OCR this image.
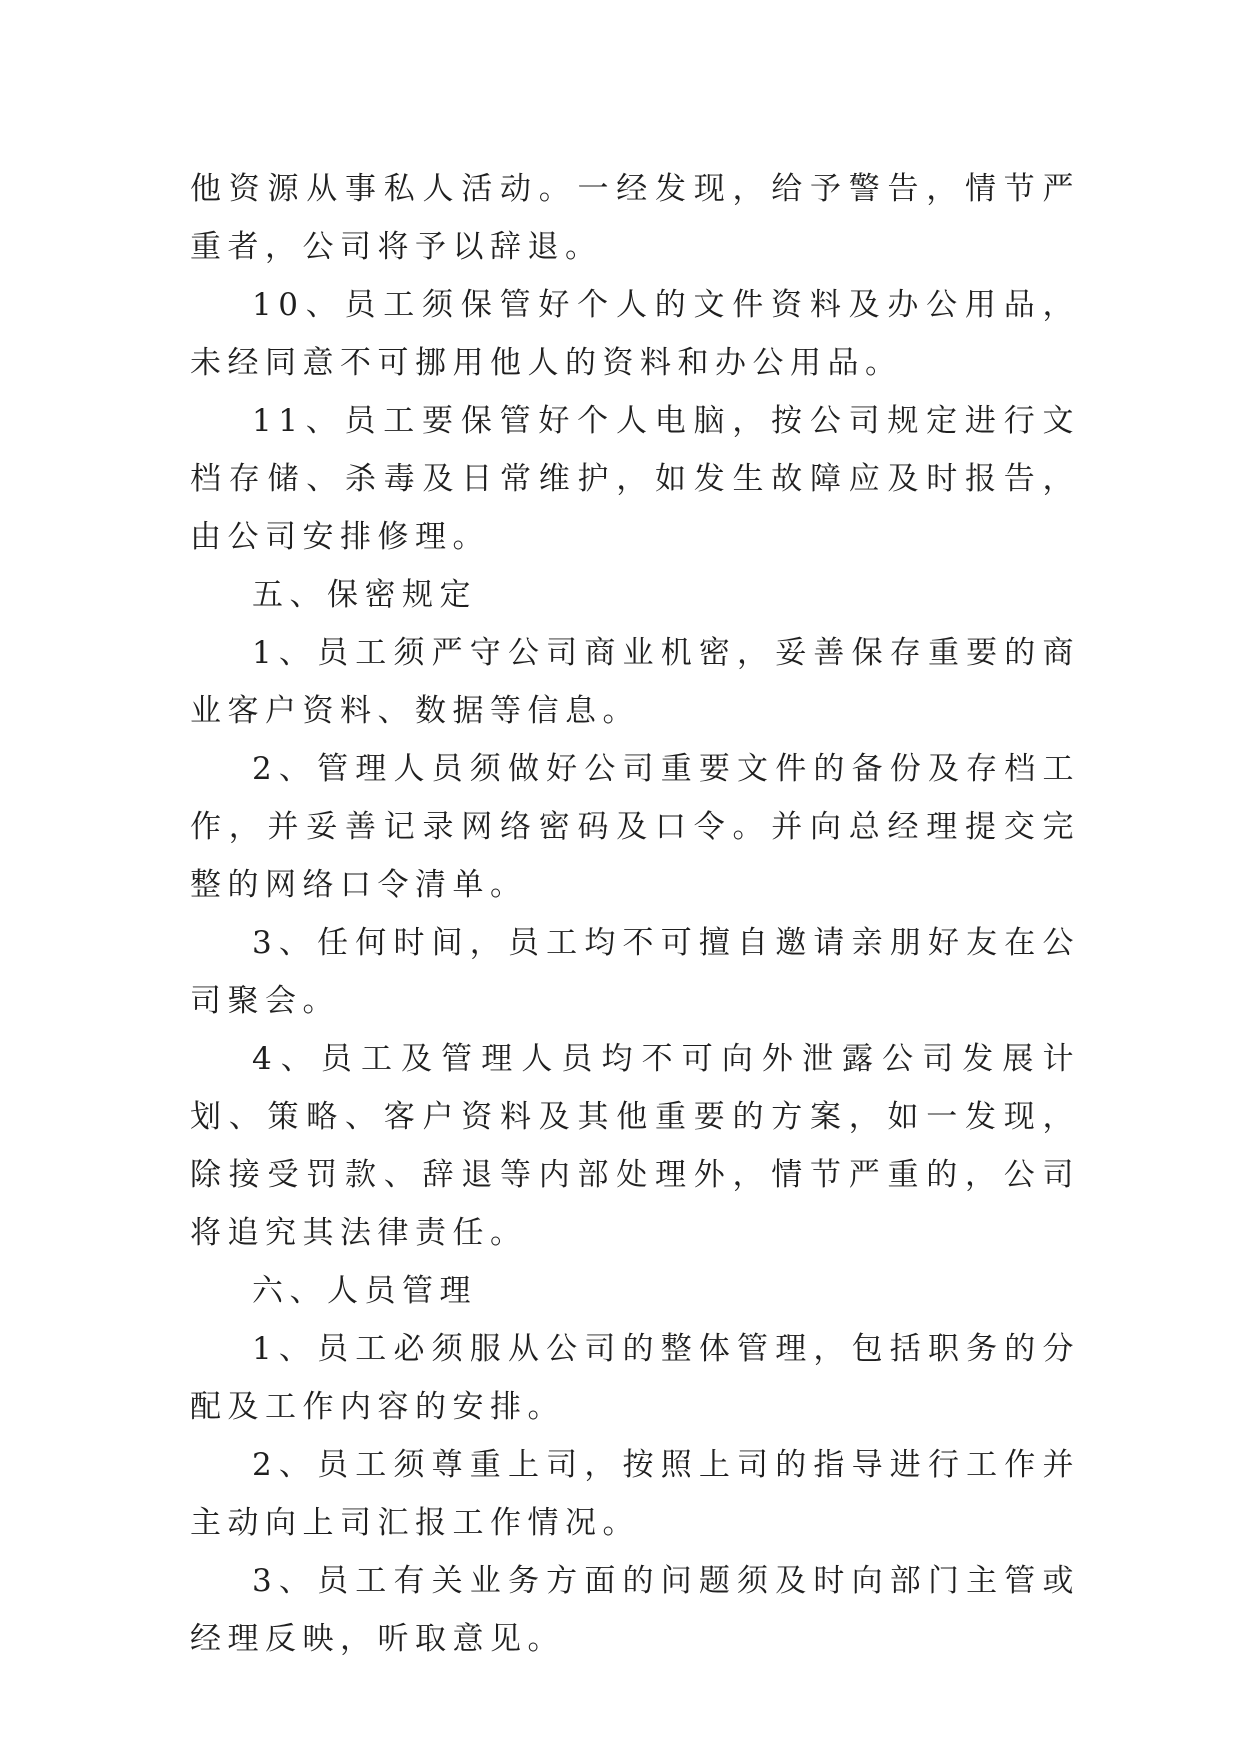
他资源从事私人活动。一经发现，给予警告，情节严重者，公司将予以辞退。

10、员工须保管好个人的文件资料及办公用品，未经同意不可挪用他人的资料和办公用品。

11、员工要保管好个人电脑，按公司规定进行文档存储、杀毒及日常维护，如发生故障应及时报告，由公司安排修理。

五、保密规定

1、员工须严守公司商业机密，妥善保存重要的商业客户资料、数据等信息。

2、管理人员须做好公司重要文件的备份及存档工作，并妥善记录网络密码及口令。并向总经理提交完整的网络口令清单。

3、任何时间，员工均不可擅自邀请亲朋好友在公司聚会。

4、员工及管理人员均不可向外泄露公司发展计划、策略、客户资料及其他重要的方案，如一发现，除接受罚款、辞退等内部处理外，情节严重的，公司将追究其法律责任。

六、人员管理

1、员工必须服从公司的整体管理，包括职务的分配及工作内容的安排。

2、员工须尊重上司，按照上司的指导进行工作并主动向上司汇报工作情况。

3、员工有关业务方面的问题须及时向部门主管或经理反映，听取意见。
